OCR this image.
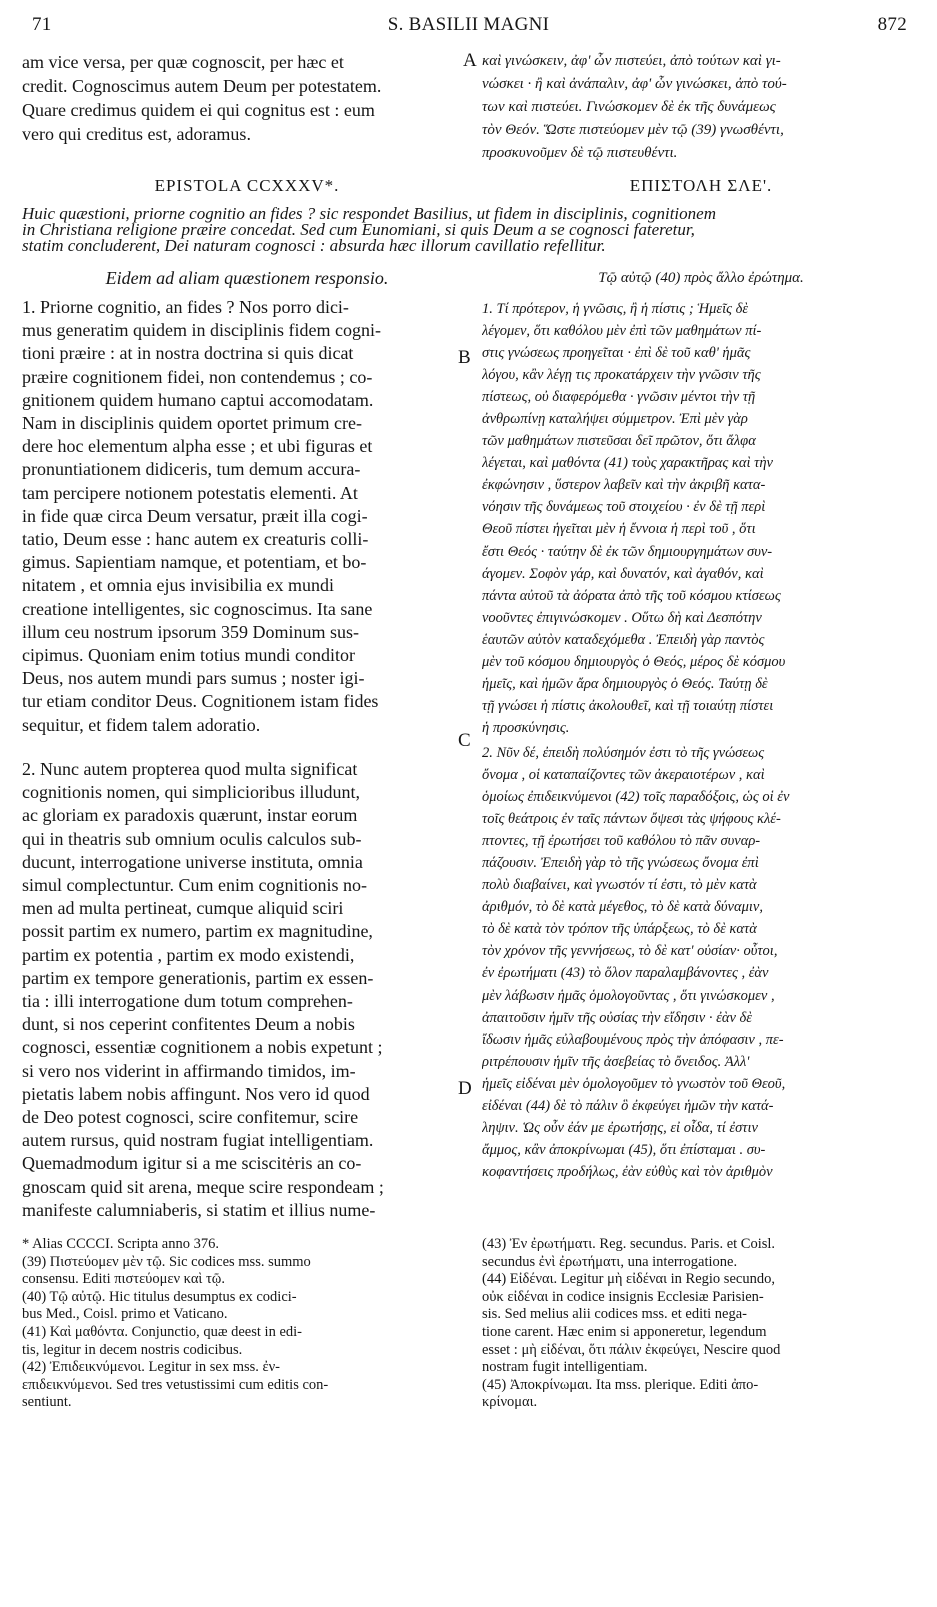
71	S. BASILII MAGNI	872
am vice versa, per quæ cognoscit, per hæc et
credit. Cognoscimus autem Deum per potestatem.
Quare credimus quidem ei qui cognitus est : eum
vero qui creditus est, adoramus.
καὶ γινώσκειν, ἀφ' ὧν πιστεύει, ἀπὸ τούτων καὶ γι-
νώσκει · ἢ καὶ ἀνάπαλιν, ἀφ' ὧν γινώσκει, ἀπὸ τού-
των καὶ πιστεύει. Γινώσκομεν δὲ ἐκ τῆς δυνάμεως
τὸν Θεόν. Ὥστε πιστεύομεν μὲν τῷ (39) γνωσθέντι,
προσκυνοῦμεν δὲ τῷ πιστευθέντι.
A
B
C
D
EPISTOLA CCXXXV*.	ΕΠΙΣΤΟΛΗ ΣΛΕ'.
Huic quæstioni, priorne cognitio an fides ? sic respondet Basilius, ut fidem in disciplinis, cognitionem
in Christiana religione præire concedat. Sed cum Eunomiani, si quis Deum a se cognosci fateretur,
statim concluderent, Dei naturam cognosci : absurda hæc illorum cavillatio refellitur.
Eidem ad aliam quæstionem responsio.	Τῷ αὐτῷ (40) πρὸς ἄλλο ἐρώτημα.
1. Priorne cognitio, an fides ? Nos porro dici-
mus generatim quidem in disciplinis fidem cogni-
tioni præire : at in nostra doctrina si quis dicat
præire cognitionem fidei, non contendemus ; co-
gnitionem quidem humano captui accomodatam.
Nam in disciplinis quidem oportet primum cre-
dere hoc elementum alpha esse ; et ubi figuras et
pronuntiationem didiceris, tum demum accura-
tam percipere notionem potestatis elementi. At
in fide quæ circa Deum versatur, præit illa cogi-
tatio, Deum esse : hanc autem ex creaturis colli-
gimus. Sapientiam namque, et potentiam, et bo-
nitatem , et omnia ejus invisibilia ex mundi
creatione intelligentes, sic cognoscimus. Ita sane
illum ceu nostrum ipsorum 359 Dominum sus-
cipimus. Quoniam enim totius mundi conditor
Deus, nos autem mundi pars sumus ; noster igi-
tur etiam conditor Deus. Cognitionem istam fides
sequitur, et fidem talem adoratio.
2. Nunc autem propterea quod multa significat
cognitionis nomen, qui simplicioribus illudunt,
ac gloriam ex paradoxis quærunt, instar eorum
qui in theatris sub omnium oculis calculos sub-
ducunt, interrogatione universe instituta, omnia
simul complectuntur. Cum enim cognitionis no-
men ad multa pertineat, cumque aliquid sciri
possit partim ex numero, partim ex magnitudine,
partim ex potentia , partim ex modo existendi,
partim ex tempore generationis, partim ex essen-
tia : illi interrogatione dum totum comprehen-
dunt, si nos ceperint confitentes Deum a nobis
cognosci, essentiæ cognitionem a nobis expetunt ;
si vero nos viderint in affirmando timidos, im-
pietatis labem nobis affingunt. Nos vero id quod
de Deo potest cognosci, scire confitemur, scire
autem rursus, quid nostram fugiat intelligentiam.
Quemadmodum igitur si a me sciscitėris an co-
gnoscam quid sit arena, meque scire respondeam ;
manifeste calumniaberis, si statim et illius nume-
1. Τί πρότερον, ἡ γνῶσις, ἢ ἡ πίστις ; Ἡμεῖς δὲ
λέγομεν, ὅτι καθόλου μὲν ἐπὶ τῶν μαθημάτων πί-
στις γνώσεως προηγεῖται · ἐπὶ δὲ τοῦ καθ' ἡμᾶς
λόγου, κἂν λέγῃ τις προκατάρχειν τὴν γνῶσιν τῆς
πίστεως, οὐ διαφερόμεθα · γνῶσιν μέντοι τὴν τῇ
ἀνθρωπίνῃ καταλήψει σύμμετρον. Ἐπὶ μὲν γὰρ
τῶν μαθημάτων πιστεῦσαι δεῖ πρῶτον, ὅτι ἄλφα
λέγεται, καὶ μαθόντα (41) τοὺς χαρακτῆρας καὶ τὴν
ἐκφώνησιν , ὕστερον λαβεῖν καὶ τὴν ἀκριβῆ κατα-
νόησιν τῆς δυνάμεως τοῦ στοιχείου · ἐν δὲ τῇ περὶ
Θεοῦ πίστει ἡγεῖται μὲν ἡ ἔννοια ἡ περὶ τοῦ , ὅτι
ἔστι Θεός · ταύτην δὲ ἐκ τῶν δημιουργημάτων συν-
άγομεν. Σοφὸν γάρ, καὶ δυνατόν, καὶ ἀγαθόν, καὶ
πάντα αὐτοῦ τὰ ἀόρατα ἀπὸ τῆς τοῦ κόσμου κτίσεως
νοοῦντες ἐπιγινώσκομεν . Οὕτω δὴ καὶ Δεσπότην
ἑαυτῶν αὐτὸν καταδεχόμεθα . Ἐπειδὴ γὰρ παντὸς
μὲν τοῦ κόσμου δημιουργὸς ὁ Θεός, μέρος δὲ κόσμου
ἡμεῖς, καὶ ἡμῶν ἄρα δημιουργὸς ὁ Θεός. Ταύτῃ δὲ
τῇ γνώσει ἡ πίστις ἀκολουθεῖ, καὶ τῇ τοιαύτῃ πίστει
ἡ προσκύνησις.
2. Νῦν δέ, ἐπειδὴ πολύσημόν ἐστι τὸ τῆς γνώσεως
ὄνομα , οἱ καταπαίζοντες τῶν ἀκεραιοτέρων , καὶ
ὁμοίως ἐπιδεικνύμενοι (42) τοῖς παραδόξοις, ὡς οἱ ἐν
τοῖς θεάτροις ἐν ταῖς πάντων ὄψεσι τὰς ψήφους κλέ-
πτοντες, τῇ ἐρωτήσει τοῦ καθόλου τὸ πᾶν συναρ-
πάζουσιν. Ἐπειδὴ γὰρ τὸ τῆς γνώσεως ὄνομα ἐπὶ
πολὺ διαβαίνει, καὶ γνωστόν τί ἐστι, τὸ μὲν κατὰ
ἀριθμόν, τὸ δὲ κατὰ μέγεθος, τὸ δὲ κατὰ δύναμιν,
τὸ δὲ κατὰ τὸν τρόπον τῆς ὑπάρξεως, τὸ δὲ κατὰ
τὸν χρόνον τῆς γεννήσεως, τὸ δὲ κατ' οὐσίαν· οὗτοι,
ἐν ἐρωτήματι (43) τὸ ὅλον παραλαμβάνοντες , ἐὰν
μὲν λάβωσιν ἡμᾶς ὁμολογοῦντας , ὅτι γινώσκομεν ,
ἀπαιτοῦσιν ἡμῖν τῆς οὐσίας τὴν εἴδησιν · ἐὰν δὲ
ἴδωσιν ἡμᾶς εὐλαβουμένους πρὸς τὴν ἀπόφασιν , πε-
ριτρέπουσιν ἡμῖν τῆς ἀσεβείας τὸ ὄνειδος. Ἀλλ'
ἡμεῖς εἰδέναι μὲν ὁμολογοῦμεν τὸ γνωστὸν τοῦ Θεοῦ,
εἰδέναι (44) δὲ τὸ πάλιν ὃ ἐκφεύγει ἡμῶν τὴν κατά-
ληψιν. Ὡς οὖν ἐάν με ἐρωτήσῃς, εἰ οἶδα, τί ἐστιν
ἄμμος, κἂν ἀποκρίνωμαι (45), ὅτι ἐπίσταμαι . συ-
κοφαντήσεις προδήλως, ἐὰν εὐθὺς καὶ τὸν ἀριθμὸν
* Alias CCCCI. Scripta anno 376.
(39) Πιστεύομεν μὲν τῷ. Sic codices mss. summo
consensu. Editi πιστεύομεν καὶ τῷ.
(40) Τῷ αὐτῷ. Hic titulus desumptus ex codici-
bus Med., Coisl. primo et Vaticano.
(41) Καὶ μαθόντα. Conjunctio, quæ deest in edi-
tis, legitur in decem nostris codicibus.
(42) Ἐπιδεικνύμενοι. Legitur in sex mss. ἐν-
επιδεικνύμενοι. Sed tres vetustissimi cum editis con-
sentiunt.
(43) Ἐν ἐρωτήματι. Reg. secundus. Paris. et Coisl.
secundus ἐνὶ ἐρωτήματι, una interrogatione.
(44) Εἰδέναι. Legitur μὴ εἰδέναι in Regio secundo,
οὐκ εἰδέναι in codice insignis Ecclesiæ Parisien-
sis. Sed melius alii codices mss. et editi nega-
tione carent. Hæc enim si apponeretur, legendum
esset : μὴ εἰδέναι, ὅτι πάλιν ἐκφεύγει, Nescire quod
nostram fugit intelligentiam.
(45) Ἀποκρίνωμαι. Ita mss. plerique. Editi ἀπο-
κρίνομαι.
